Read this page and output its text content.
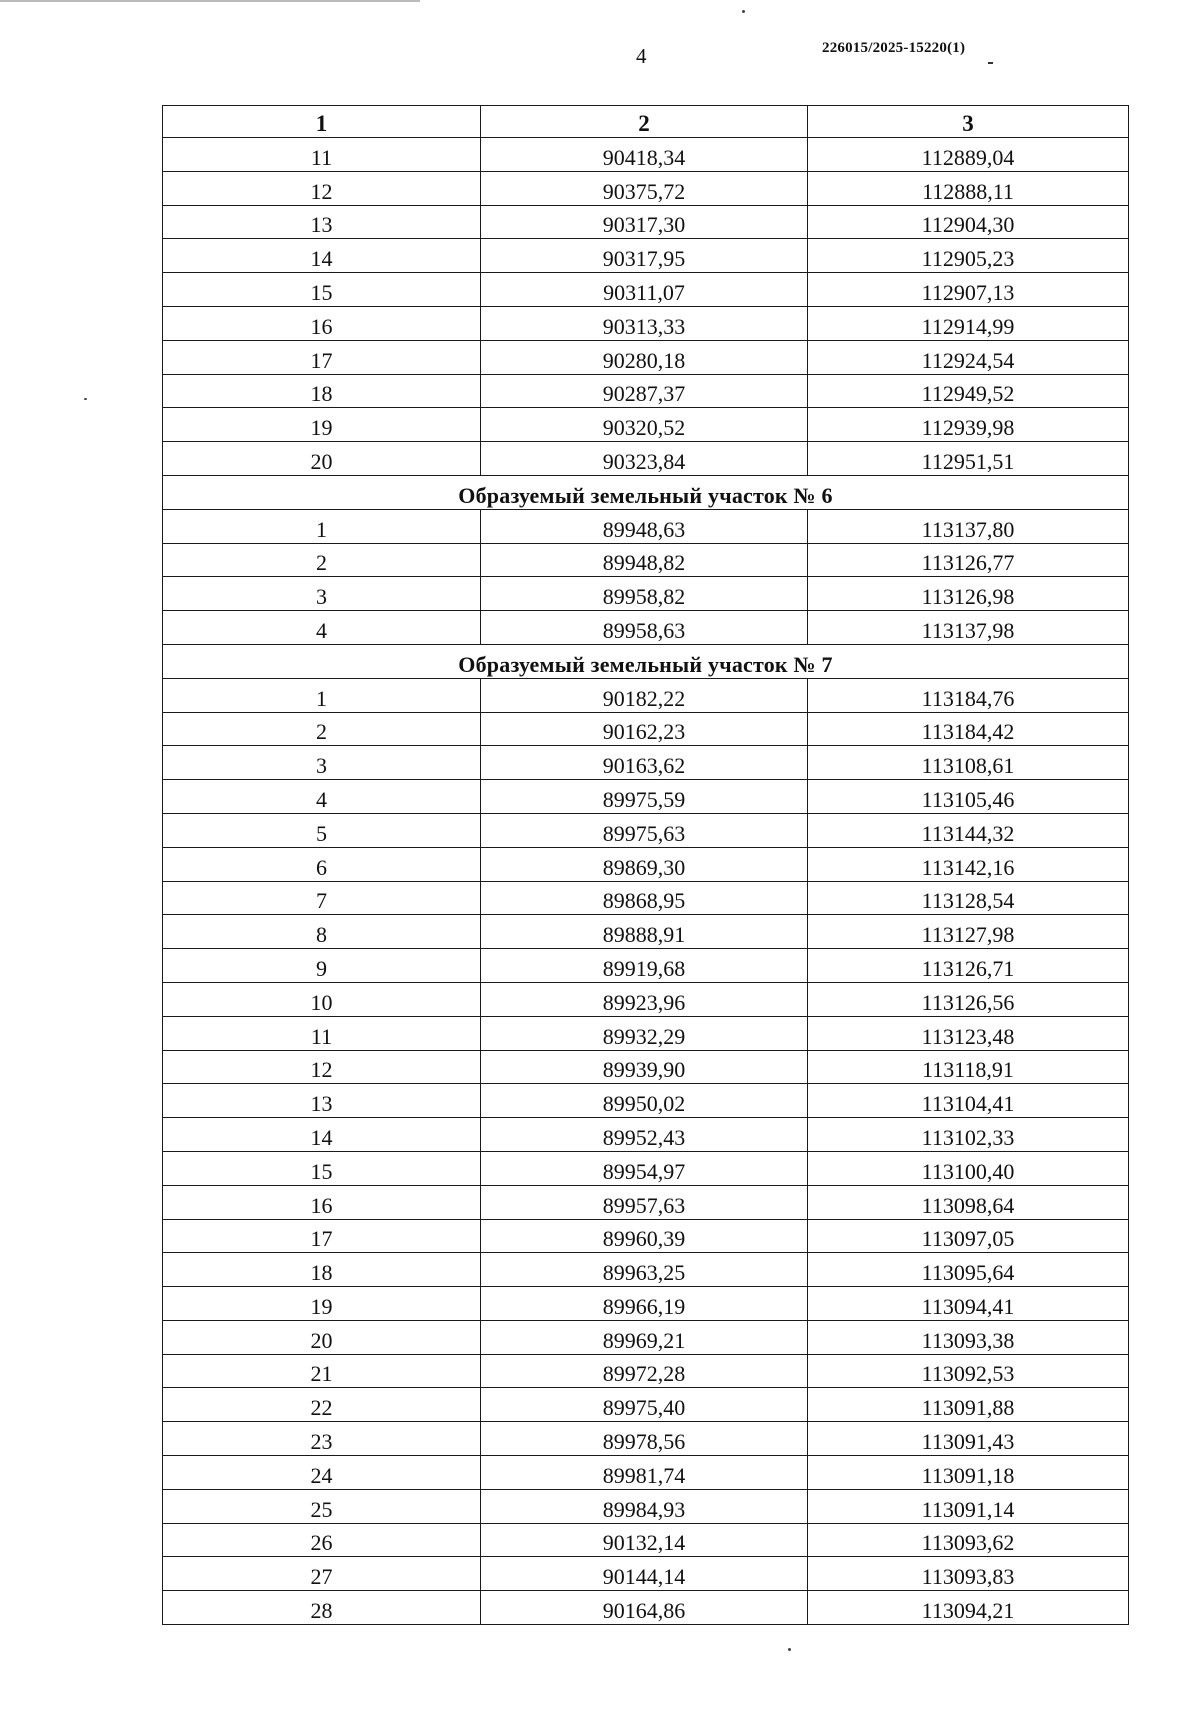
4	226015/2025-15220(1)
1	2	3
11	90418,34	112889,04
12	90375,72	112888,11
13	90317,30	112904,30
14	90317,95	112905,23
15	90311,07	112907,13
16	90313,33	112914,99
17	90280,18	112924,54
18	90287,37	112949,52
19	90320,52	112939,98
20	90323,84	112951,51
Образуемый земельный участок № 6		
1	89948,63	113137,80
2	89948,82	113126,77
3	89958,82	113126,98
4	89958,63	113137,98
Образуемый земельный участок № 7		
1	90182,22	113184,76
2	90162,23	113184,42
3	90163,62	113108,61
4	89975,59	113105,46
5	89975,63	113144,32
6	89869,30	113142,16
7	89868,95	113128,54
8	89888,91	113127,98
9	89919,68	113126,71
10	89923,96	113126,56
11	89932,29	113123,48
12	89939,90	113118,91
13	89950,02	113104,41
14	89952,43	113102,33
15	89954,97	113100,40
16	89957,63	113098,64
17	89960,39	113097,05
18	89963,25	113095,64
19	89966,19	113094,41
20	89969,21	113093,38
21	89972,28	113092,53
22	89975,40	113091,88
23	89978,56	113091,43
24	89981,74	113091,18
25	89984,93	113091,14
26	90132,14	113093,62
27	90144,14	113093,83
28	90164,86	113094,21
